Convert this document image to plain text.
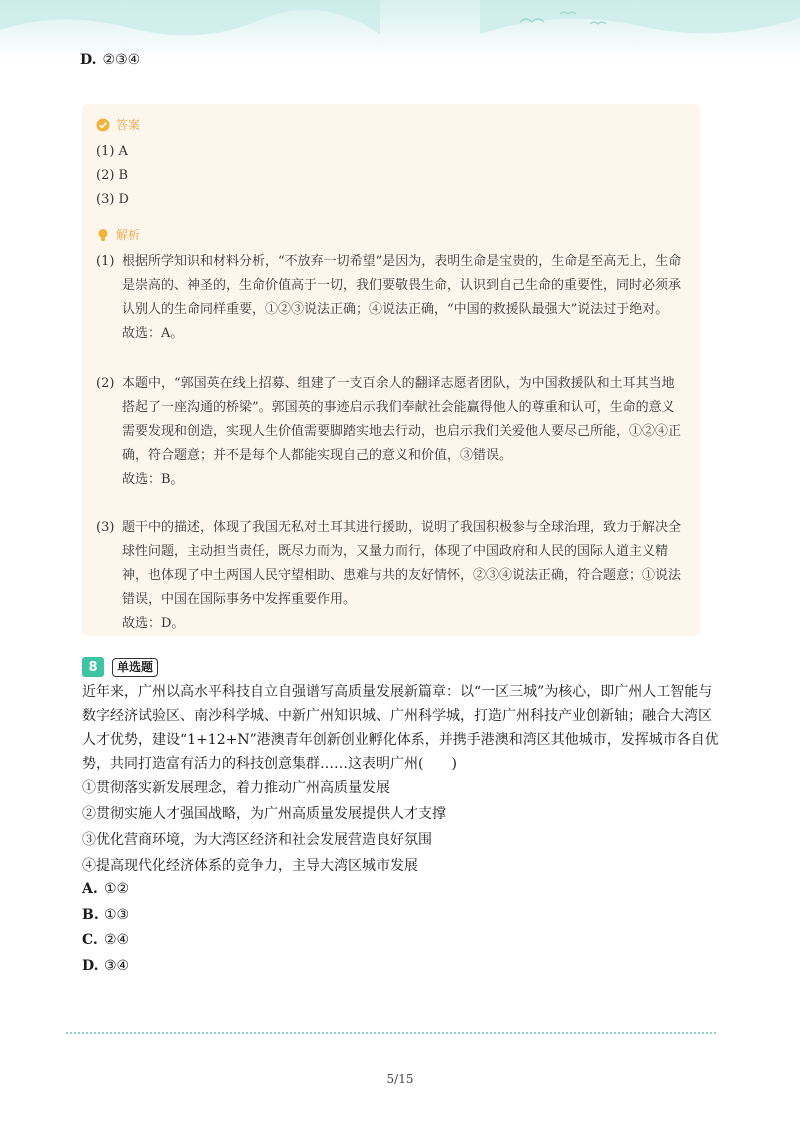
D. ②③④
答案
(1) A
(2) B
(3) D
解析
(1) 根据所学知识和材料分析，“不放弃一切希望”是因为，表明生命是宝贵的，生命是至高无上，生命是崇高的、神圣的，生命价值高于一切，我们要敬畏生命，认识到自己生命的重要性，同时必须承认别人的生命同样重要，①②③说法正确；④说法正确，“中国的救援队最强大”说法过于绝对。
故选：A。
(2) 本题中，“郭国英在线上招募、组建了一支百余人的翻译志愿者团队，为中国救援队和土耳其当地搭起了一座沟通的桥梁”。郭国英的事迹启示我们奉献社会能赢得他人的尊重和认可，生命的意义需要发现和创造，实现人生价值需要脚踏实地去行动，也启示我们关爱他人要尽己所能，①②④正确，符合题意；并不是每个人都能实现自己的意义和价值，③错误。
故选：B。
(3) 题干中的描述，体现了我国无私对土耳其进行援助，说明了我国积极参与全球治理，致力于解决全球性问题，主动担当责任，既尽力而为，又量力而行，体现了中国政府和人民的国际人道主义精神，也体现了中土两国人民守望相助、患难与共的友好情怀，②③④说法正确，符合题意；①说法错误，中国在国际事务中发挥重要作用。
故选：D。
8	单选题
近年来，广州以高水平科技自立自强谱写高质量发展新篇章：以“一区三城”为核心，即广州人工智能与数字经济试验区、南沙科学城、中新广州知识城、广州科学城，打造广州科技产业创新轴；融合大湾区人才优势，建设“1+12+N”港澳青年创新创业孵化体系，并携手港澳和湾区其他城市，发挥城市各自优势，共同打造富有活力的科技创意集群……这表明广州(　　)
①贯彻落实新发展理念，着力推动广州高质量发展
②贯彻实施人才强国战略，为广州高质量发展提供人才支撑
③优化营商环境，为大湾区经济和社会发展营造良好氛围
④提高现代化经济体系的竞争力，主导大湾区城市发展
A. ①②
B. ①③
C. ②④
D. ③④
5/15
